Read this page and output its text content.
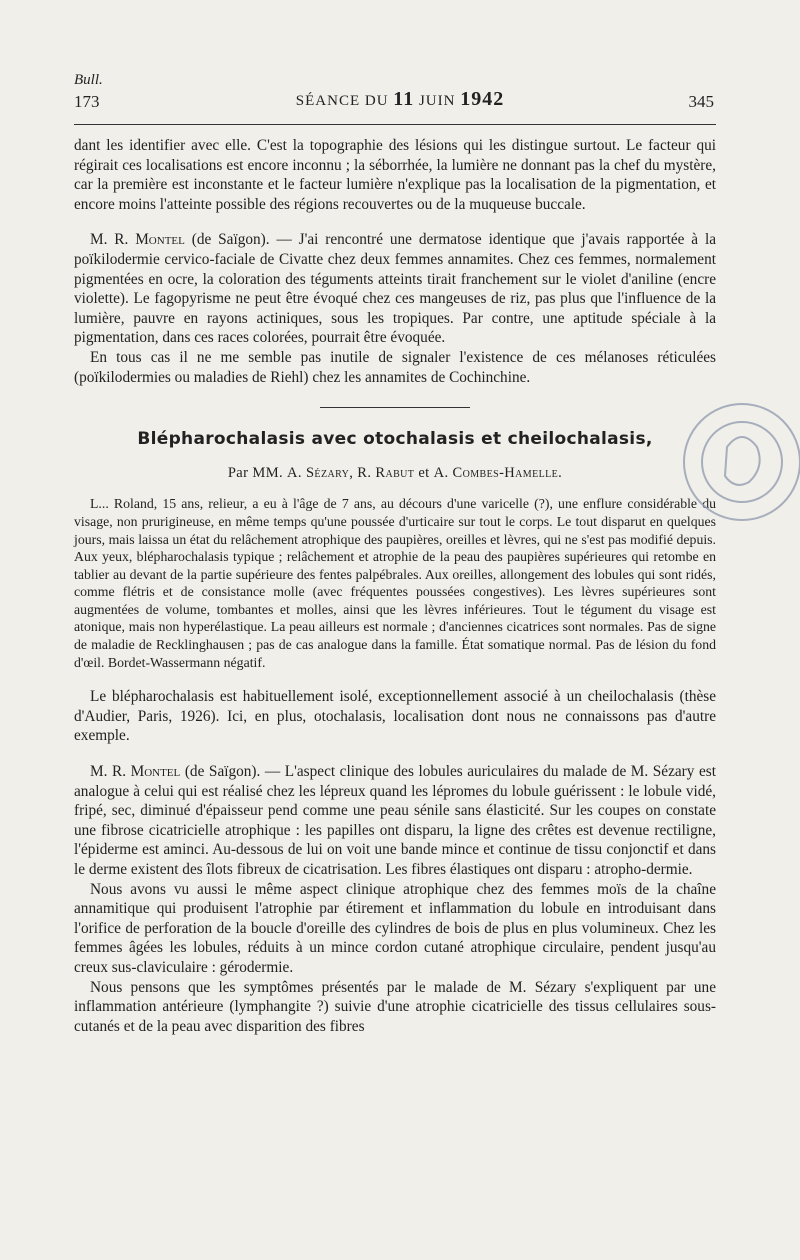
Bull.
173	SÉANCE DU 11 JUIN 1942	345

dant les identifier avec elle. C'est la topographie des lésions qui les distingue surtout. Le facteur qui régirait ces localisations est encore inconnu ; la séborrhée, la lumière ne donnant pas la chef du mystère, car la première est inconstante et le facteur lumière n'explique pas la localisation de la pigmentation, et encore moins l'atteinte possible des régions recouvertes ou de la muqueuse buccale.

M. R. Montel (de Saïgon). — J'ai rencontré une dermatose identique que j'avais rapportée à la poïkilodermie cervico-faciale de Civatte chez deux femmes annamites. Chez ces femmes, normalement pigmentées en ocre, la coloration des téguments atteints tirait franchement sur le violet d'aniline (encre violette). Le fagopyrisme ne peut être évoqué chez ces mangeuses de riz, pas plus que l'influence de la lumière, pauvre en rayons actiniques, sous les tropiques. Par contre, une aptitude spéciale à la pigmentation, dans ces races colorées, pourrait être évoquée.

En tous cas il ne me semble pas inutile de signaler l'existence de ces mélanoses réticulées (poïkilodermies ou maladies de Riehl) chez les annamites de Cochinchine.

Blépharochalasis avec otochalasis et cheilochalasis,
Par MM. A. Sézary, R. Rabut et A. Combes-Hamelle.

L... Roland, 15 ans, relieur, a eu à l'âge de 7 ans, au décours d'une varicelle (?), une enflure considérable du visage, non prurigineuse, en même temps qu'une poussée d'urticaire sur tout le corps. Le tout disparut en quelques jours, mais laissa un état du relâchement atrophique des paupières, oreilles et lèvres, qui ne s'est pas modifié depuis. Aux yeux, blépharochalasis typique ; relâchement et atrophie de la peau des paupières supérieures qui retombe en tablier au devant de la partie supérieure des fentes palpébrales. Aux oreilles, allongement des lobules qui sont ridés, comme flétris et de consistance molle (avec fréquentes poussées congestives). Les lèvres supérieures sont augmentées de volume, tombantes et molles, ainsi que les lèvres inférieures. Tout le tégument du visage est atonique, mais non hyperélastique. La peau ailleurs est normale ; d'anciennes cicatrices sont normales. Pas de signe de maladie de Recklinghausen ; pas de cas analogue dans la famille. État somatique normal. Pas de lésion du fond d'œil. Bordet-Wassermann négatif.

Le blépharochalasis est habituellement isolé, exceptionnellement associé à un cheilochalasis (thèse d'Audier, Paris, 1926). Ici, en plus, otochalasis, localisation dont nous ne connaissons pas d'autre exemple.

M. R. Montel (de Saïgon). — L'aspect clinique des lobules auriculaires du malade de M. Sézary est analogue à celui qui est réalisé chez les lépreux quand les lépromes du lobule guérissent : le lobule vidé, fripé, sec, diminué d'épaisseur pend comme une peau sénile sans élasticité. Sur les coupes on constate une fibrose cicatricielle atrophique : les papilles ont disparu, la ligne des crêtes est devenue rectiligne, l'épiderme est aminci. Au-dessous de lui on voit une bande mince et continue de tissu conjonctif et dans le derme existent des îlots fibreux de cicatrisation. Les fibres élastiques ont disparu : atropho-dermie.

Nous avons vu aussi le même aspect clinique atrophique chez des femmes moïs de la chaîne annamitique qui produisent l'atrophie par étirement et inflammation du lobule en introduisant dans l'orifice de perforation de la boucle d'oreille des cylindres de bois de plus en plus volumineux. Chez les femmes âgées les lobules, réduits à un mince cordon cutané atrophique circulaire, pendent jusqu'au creux sus-claviculaire : gérodermie.

Nous pensons que les symptômes présentés par le malade de M. Sézary s'expliquent par une inflammation antérieure (lymphangite ?) suivie d'une atrophie cicatricielle des tissus cellulaires sous-cutanés et de la peau avec disparition des fibres
